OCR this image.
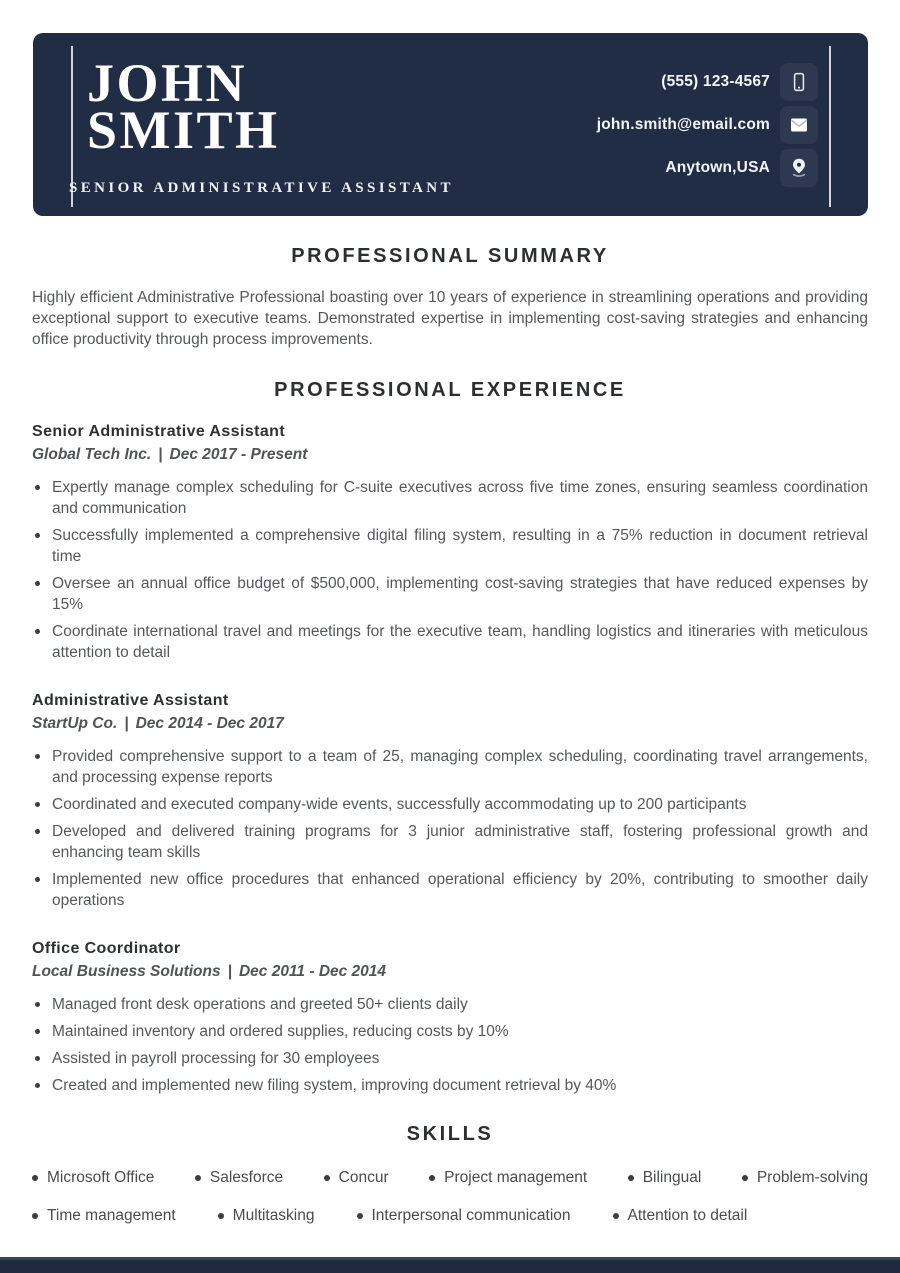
JOHN
SMITH
SENIOR ADMINISTRATIVE ASSISTANT
(555) 123-4567
john.smith@email.com
Anytown,USA
PROFESSIONAL SUMMARY

Highly efficient Administrative Professional boasting over 10 years of experience in streamlining operations and providing exceptional support to executive teams. Demonstrated expertise in implementing cost-saving strategies and enhancing office productivity through process improvements.

PROFESSIONAL EXPERIENCE
Senior Administrative Assistant
Global Tech Inc. | Dec 2017 - Present
Expertly manage complex scheduling for C-suite executives across five time zones, ensuring seamless coordination and communication
Successfully implemented a comprehensive digital filing system, resulting in a 75% reduction in document retrieval time
Oversee an annual office budget of $500,000, implementing cost-saving strategies that have reduced expenses by 15%
Coordinate international travel and meetings for the executive team, handling logistics and itineraries with meticulous attention to detail
Administrative Assistant
StartUp Co. | Dec 2014 - Dec 2017
Provided comprehensive support to a team of 25, managing complex scheduling, coordinating travel arrangements, and processing expense reports
Coordinated and executed company-wide events, successfully accommodating up to 200 participants
Developed and delivered training programs for 3 junior administrative staff, fostering professional growth and enhancing team skills
Implemented new office procedures that enhanced operational efficiency by 20%, contributing to smoother daily operations
Office Coordinator
Local Business Solutions | Dec 2011 - Dec 2014
Managed front desk operations and greeted 50+ clients daily
Maintained inventory and ordered supplies, reducing costs by 10%
Assisted in payroll processing for 30 employees
Created and implemented new filing system, improving document retrieval by 40%
SKILLS
Microsoft Office	Salesforce	Concur	Project management	Bilingual	Problem-solving
Time management	Multitasking	Interpersonal communication	Attention to detail
